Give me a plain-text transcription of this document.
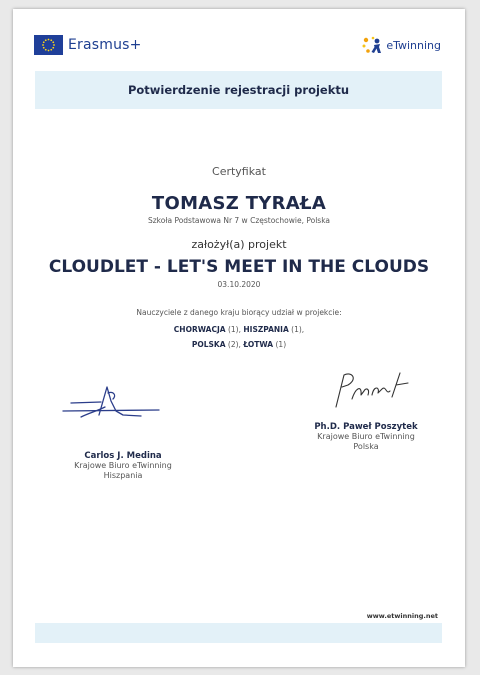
Erasmus+	eTwinning
Potwierdzenie rejestracji projektu
Certyfikat
TOMASZ TYRAŁA
Szkoła Podstawowa Nr 7 w Częstochowie, Polska
założył(a) projekt
CLOUDLET - LET'S MEET IN THE CLOUDS
03.10.2020
Nauczyciele z danego kraju biorący udział w projekcie:
CHORWACJA (1), HISZPANIA (1),
POLSKA (2), ŁOTWA (1)
Carlos J. Medina
Krajowe Biuro eTwinning
Hiszpania
Ph.D. Paweł Poszytek
Krajowe Biuro eTwinning
Polska
www.etwinning.net
